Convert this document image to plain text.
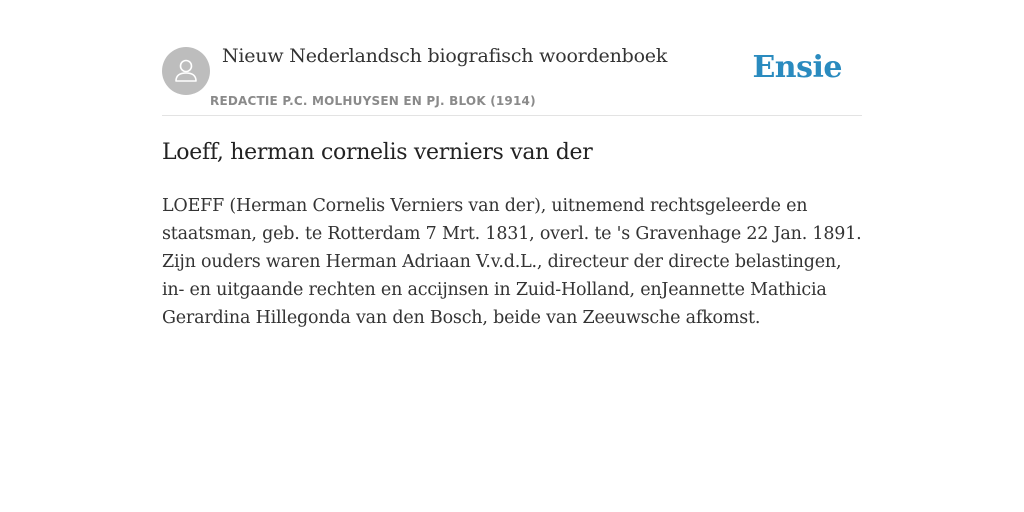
Nieuw Nederlandsch biografisch woordenboek
REDACTIE P.C. MOLHUYSEN EN PJ. BLOK (1914)
Ensie
Loeff, herman cornelis verniers van der

LOEFF (Herman Cornelis Verniers van der), uitnemend rechtsgeleerde en staatsman, geb. te Rotterdam 7 Mrt. 1831, overl. te 's Gravenhage 22 Jan. 1891. Zijn ouders waren Herman Adriaan V.v.d.L., directeur der directe belastingen, in- en uitgaande rechten en accijnsen in Zuid-Holland, enJeannette Mathicia Gerardina Hillegonda van den Bosch, beide van Zeeuwsche afkomst.
